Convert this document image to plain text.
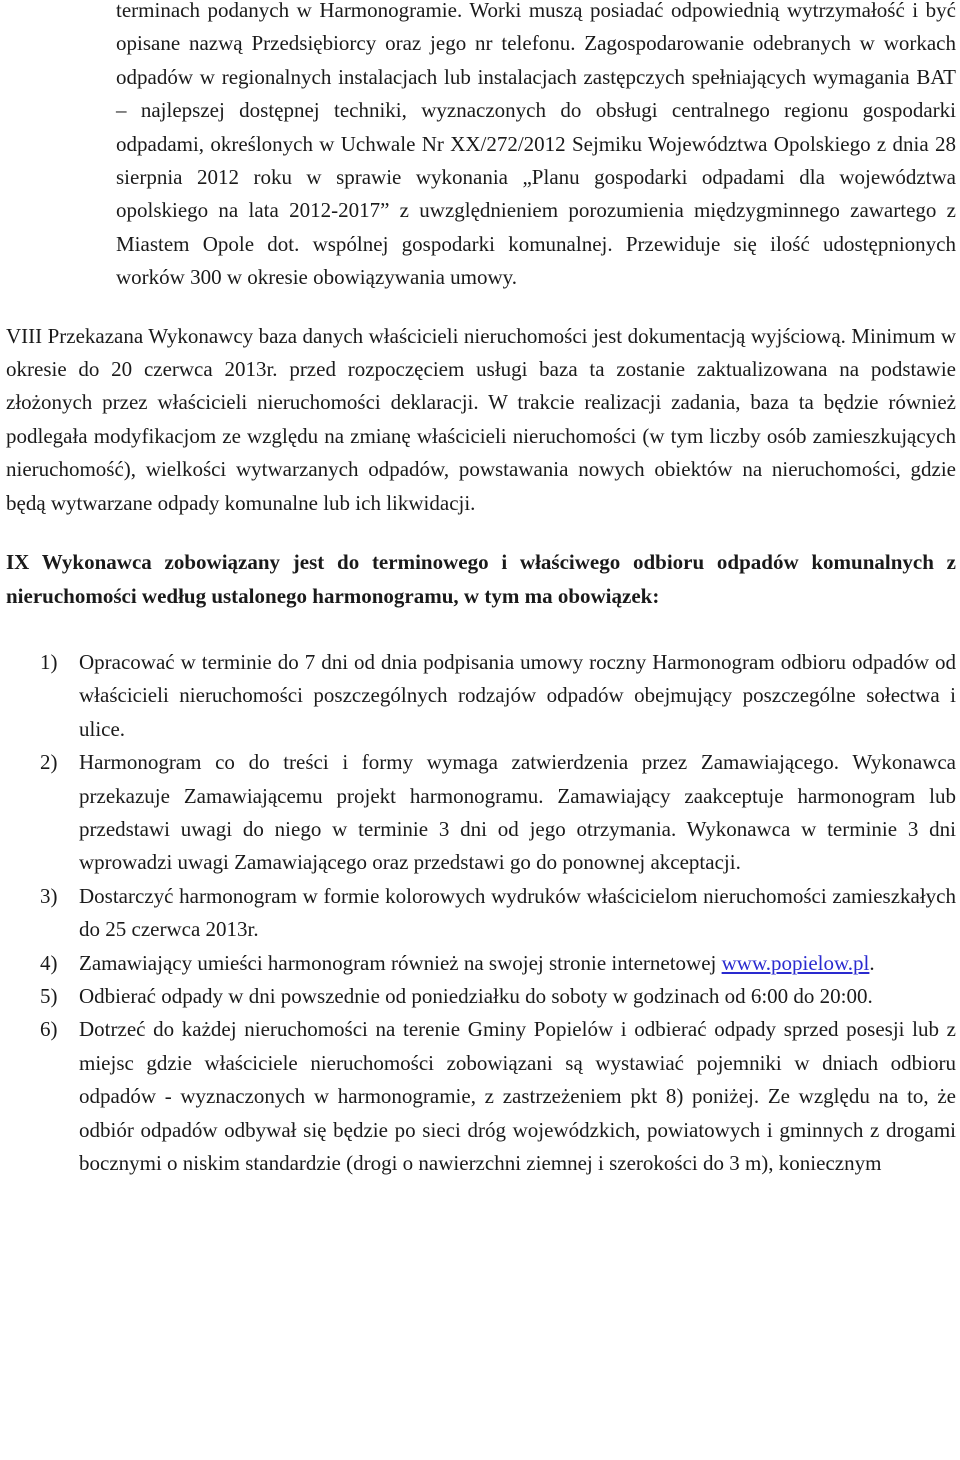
terminach podanych w Harmonogramie. Worki muszą posiadać odpowiednią wytrzymałość i być opisane nazwą Przedsiębiorcy oraz jego nr telefonu. Zagospodarowanie odebranych w workach odpadów w regionalnych instalacjach lub instalacjach zastępczych spełniających wymagania BAT – najlepszej dostępnej techniki, wyznaczonych do obsługi centralnego regionu gospodarki odpadami, określonych w Uchwale Nr XX/272/2012 Sejmiku Województwa Opolskiego z dnia 28 sierpnia 2012 roku w sprawie wykonania „Planu gospodarki odpadami dla województwa opolskiego na lata 2012-2017” z uwzględnieniem porozumienia międzygminnego zawartego z Miastem Opole dot. wspólnej gospodarki komunalnej. Przewiduje się ilość udostępnionych worków 300 w okresie obowiązywania umowy.

VIII Przekazana Wykonawcy baza danych właścicieli nieruchomości jest dokumentacją wyjściową. Minimum w okresie do 20 czerwca 2013r. przed rozpoczęciem usługi baza ta zostanie zaktualizowana na podstawie złożonych przez właścicieli nieruchomości deklaracji. W trakcie realizacji zadania, baza ta będzie również podlegała modyfikacjom ze względu na zmianę właścicieli nieruchomości (w tym liczby osób zamieszkujących nieruchomość), wielkości wytwarzanych odpadów, powstawania nowych obiektów na nieruchomości, gdzie będą wytwarzane odpady komunalne lub ich likwidacji.

IX Wykonawca zobowiązany jest do terminowego i właściwego odbioru odpadów komunalnych z nieruchomości według ustalonego harmonogramu, w tym ma obowiązek:

1) Opracować w terminie do 7 dni od dnia podpisania umowy roczny Harmonogram odbioru odpadów od właścicieli nieruchomości poszczególnych rodzajów odpadów obejmujący poszczególne sołectwa i ulice.
2) Harmonogram co do treści i formy wymaga zatwierdzenia przez Zamawiającego. Wykonawca przekazuje Zamawiającemu projekt harmonogramu. Zamawiający zaakceptuje harmonogram lub przedstawi uwagi do niego w terminie 3 dni od jego otrzymania. Wykonawca w terminie 3 dni wprowadzi uwagi Zamawiającego oraz przedstawi go do ponownej akceptacji.
3) Dostarczyć harmonogram w formie kolorowych wydruków właścicielom nieruchomości zamieszkałych do 25 czerwca 2013r.
4) Zamawiający umieści harmonogram również na swojej stronie internetowej www.popielow.pl.
5) Odbierać odpady w dni powszednie od poniedziałku do soboty w godzinach od 6:00 do 20:00.
6) Dotrzeć do każdej nieruchomości na terenie Gminy Popielów i odbierać odpady sprzed posesji lub z miejsc gdzie właściciele nieruchomości zobowiązani są wystawiać pojemniki w dniach odbioru odpadów - wyznaczonych w harmonogramie, z zastrzeżeniem pkt 8) poniżej. Ze względu na to, że odbiór odpadów odbywał się będzie po sieci dróg wojewódzkich, powiatowych i gminnych z drogami bocznymi o niskim standardzie (drogi o nawierzchni ziemnej i szerokości do 3 m), koniecznym
